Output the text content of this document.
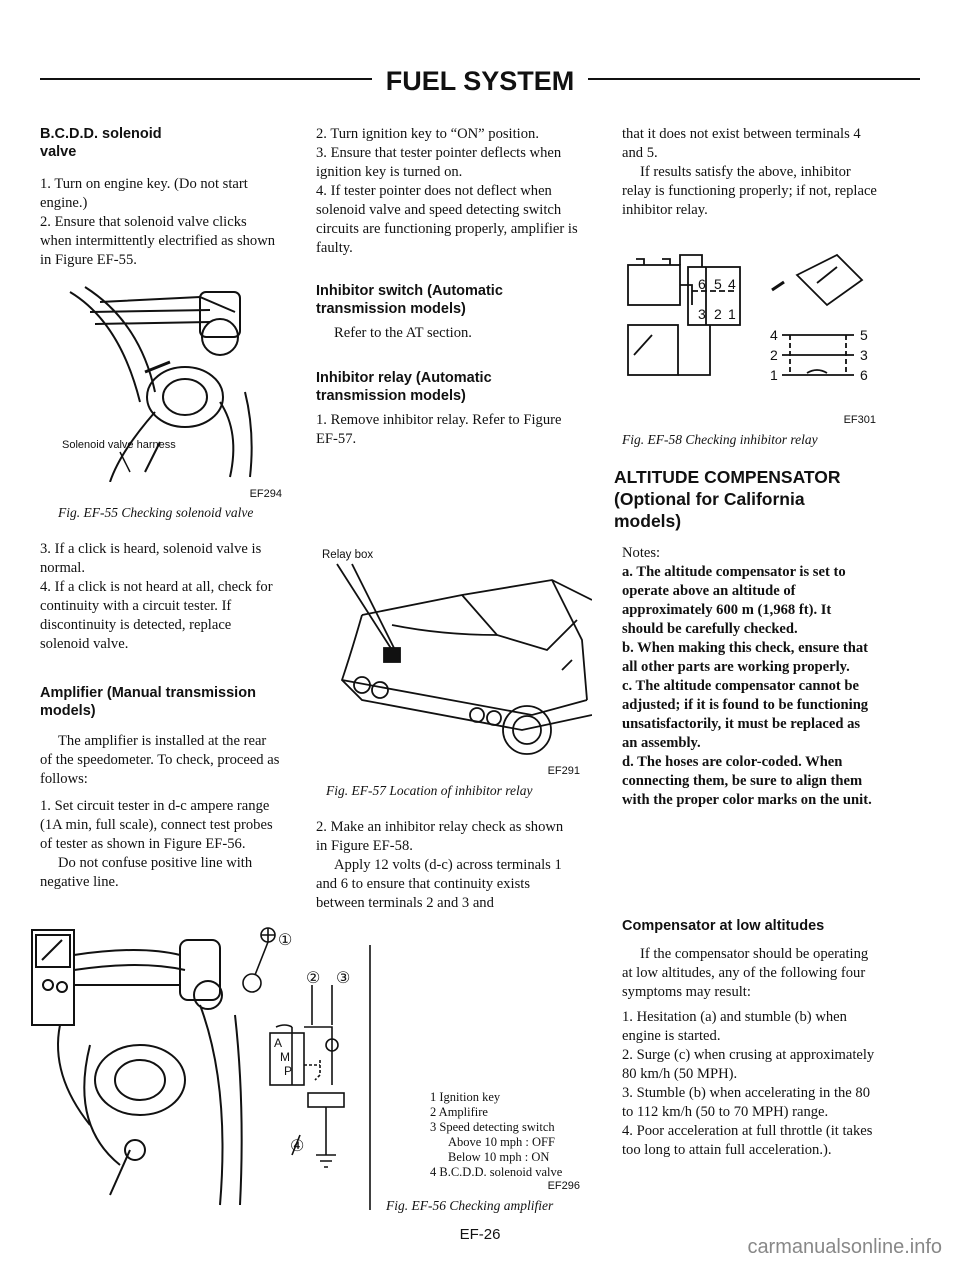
FUEL SYSTEM
B.C.D.D. solenoid valve

1. Turn on engine key. (Do not start engine.)

2. Ensure that solenoid valve clicks when intermittently electrified as shown in Figure EF-55.

Solenoid valve harness
EF294
Fig. EF-55 Checking solenoid valve

3. If a click is heard, solenoid valve is normal.

4. If a click is not heard at all, check for continuity with a circuit tester. If discontinuity is detected, replace solenoid valve.

Amplifier (Manual transmission models)

The amplifier is installed at the rear of the speedometer. To check, proceed as follows:

1. Set circuit tester in d-c ampere range (1A min, full scale), connect test probes of tester as shown in Figure EF-56.

Do not confuse positive line with negative line.

2. Turn ignition key to “ON” position.

3. Ensure that tester pointer deflects when ignition key is turned on.

4. If tester pointer does not deflect when solenoid valve and speed detecting switch circuits are functioning properly, amplifier is faulty.

Inhibitor switch (Automatic transmission models)

Refer to the AT section.

Inhibitor relay (Automatic transmission models)

1. Remove inhibitor relay. Refer to Figure EF-57.

Relay box
EF291
Fig. EF-57 Location of inhibitor relay

2. Make an inhibitor relay check as shown in Figure EF-58.

Apply 12 volts (d-c) across terminals 1 and 6 to ensure that continuity exists between terminals 2 and 3 and

①
② ③
④
A
M
P
1 Ignition key
2 Amplifire
3 Speed detecting switch
Above 10 mph : OFF
Below 10 mph : ON
4 B.C.D.D. solenoid valve
EF296
Fig. EF-56 Checking amplifier

that it does not exist between terminals 4 and 5.

If results satisfy the above, inhibitor relay is functioning properly; if not, replace inhibitor relay.

6 5 4
3 2 1
4
2
1
5
3
6
EF301
Fig. EF-58 Checking inhibitor relay
ALTITUDE COMPENSATOR (Optional for California models)

Notes:

a. The altitude compensator is set to operate above an altitude of approximately 600 m (1,968 ft). It should be carefully checked.

b. When making this check, ensure that all other parts are working properly.

c. The altitude compensator cannot be adjusted; if it is found to be functioning unsatisfactorily, it must be replaced as an assembly.

d. The hoses are color-coded. When connecting them, be sure to align them with the proper color marks on the unit.

Compensator at low altitudes

If the compensator should be operating at low altitudes, any of the following four symptoms may result:

1. Hesitation (a) and stumble (b) when engine is started.

2. Surge (c) when crusing at approximately 80 km/h (50 MPH).

3. Stumble (b) when accelerating in the 80 to 112 km/h (50 to 70 MPH) range.

4. Poor acceleration at full throttle (it takes too long to attain full acceleration.).

EF-26
carmanualsonline.info
